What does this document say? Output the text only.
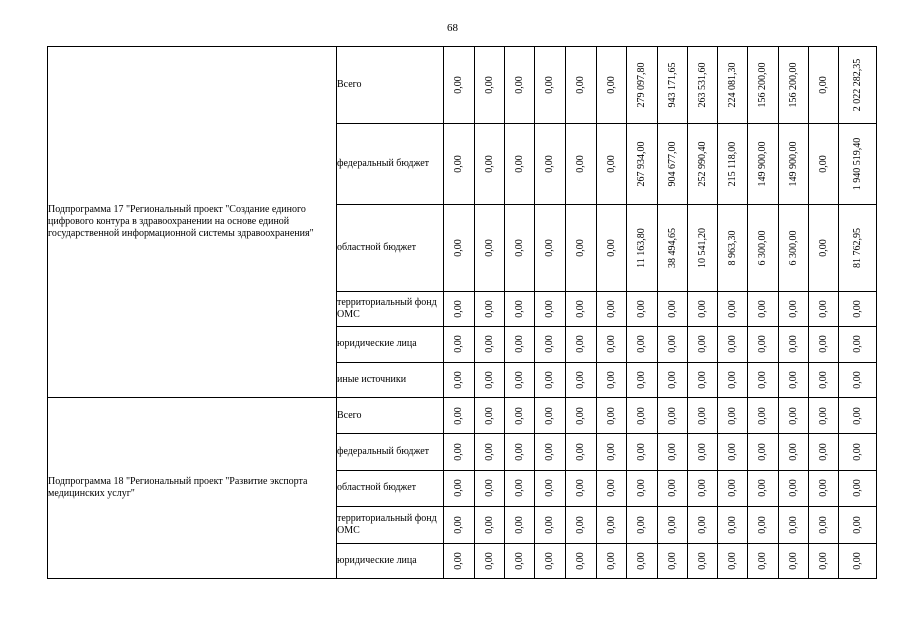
68
Подпрограмма 17 "Региональный проект "Создание единого цифрового контура в здравоохранении на основе единой государственной информационной системы здравоохранения"	Всего	0,00	0,00	0,00	0,00	0,00	0,00	279 097,80	943 171,65	263 531,60	224 081,30	156 200,00	156 200,00	0,00	2 022 282,35

	федеральный бюджет	0,00	0,00	0,00	0,00	0,00	0,00	267 934,00	904 677,00	252 990,40	215 118,00	149 900,00	149 900,00	0,00	1 940 519,40

	областной бюджет	0,00	0,00	0,00	0,00	0,00	0,00	11 163,80	38 494,65	10 541,20	8 963,30	6 300,00	6 300,00	0,00	81 762,95

	территориальный фонд ОМС	0,00	0,00	0,00	0,00	0,00	0,00	0,00	0,00	0,00	0,00	0,00	0,00	0,00	0,00

	юридические лица	0,00	0,00	0,00	0,00	0,00	0,00	0,00	0,00	0,00	0,00	0,00	0,00	0,00	0,00

	иные источники	0,00	0,00	0,00	0,00	0,00	0,00	0,00	0,00	0,00	0,00	0,00	0,00	0,00	0,00

Подпрограмма 18 "Региональный проект "Развитие экспорта медицинских услуг"	Всего	0,00	0,00	0,00	0,00	0,00	0,00	0,00	0,00	0,00	0,00	0,00	0,00	0,00	0,00

	федеральный бюджет	0,00	0,00	0,00	0,00	0,00	0,00	0,00	0,00	0,00	0,00	0,00	0,00	0,00	0,00

	областной бюджет	0,00	0,00	0,00	0,00	0,00	0,00	0,00	0,00	0,00	0,00	0,00	0,00	0,00	0,00

	территориальный фонд ОМС	0,00	0,00	0,00	0,00	0,00	0,00	0,00	0,00	0,00	0,00	0,00	0,00	0,00	0,00

	юридические лица	0,00	0,00	0,00	0,00	0,00	0,00	0,00	0,00	0,00	0,00	0,00	0,00	0,00	0,00
